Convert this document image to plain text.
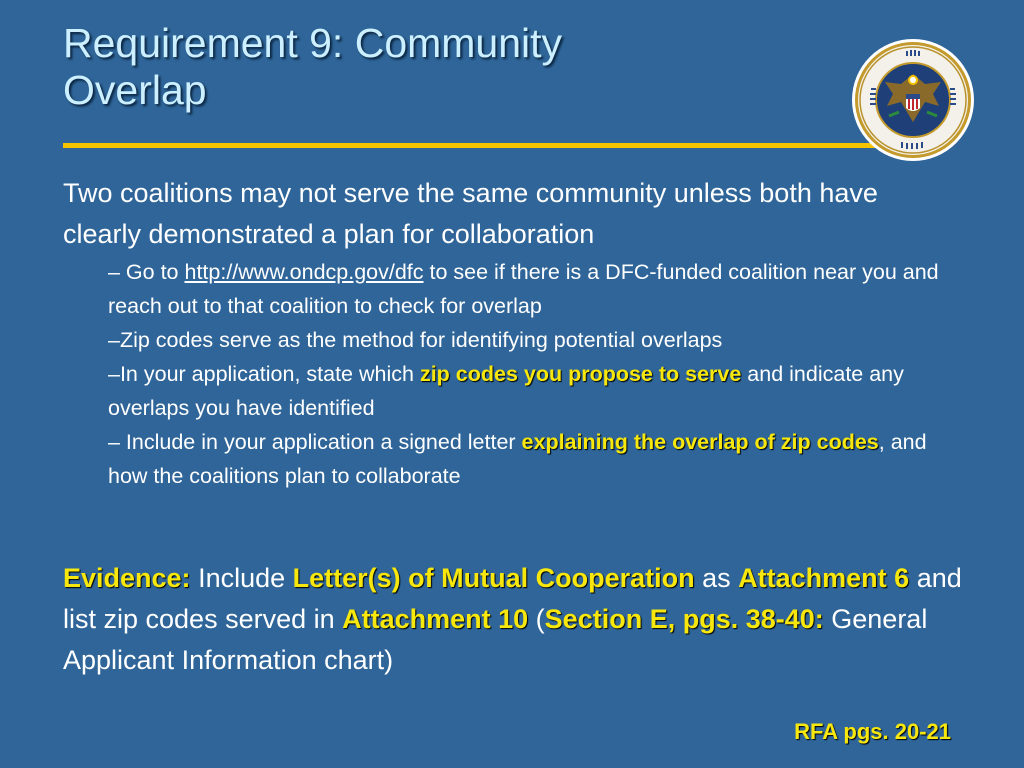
Requirement 9: Community
Overlap

Two coalitions may not serve the same community unless both have clearly demonstrated a plan for collaboration

– Go to http://www.ondcp.gov/dfc to see if there is a DFC-funded coalition near you and reach out to that coalition to check for overlap
–Zip codes serve as the method for identifying potential overlaps
–In your application, state which zip codes you propose to serve and indicate any overlaps you have identified
– Include in your application a signed letter explaining the overlap of zip codes, and how the coalitions plan to collaborate

Evidence: Include Letter(s) of Mutual Cooperation as Attachment 6 and list zip codes served in Attachment 10 (Section E, pgs. 38-40: General Applicant Information chart)

RFA pgs. 20-21
